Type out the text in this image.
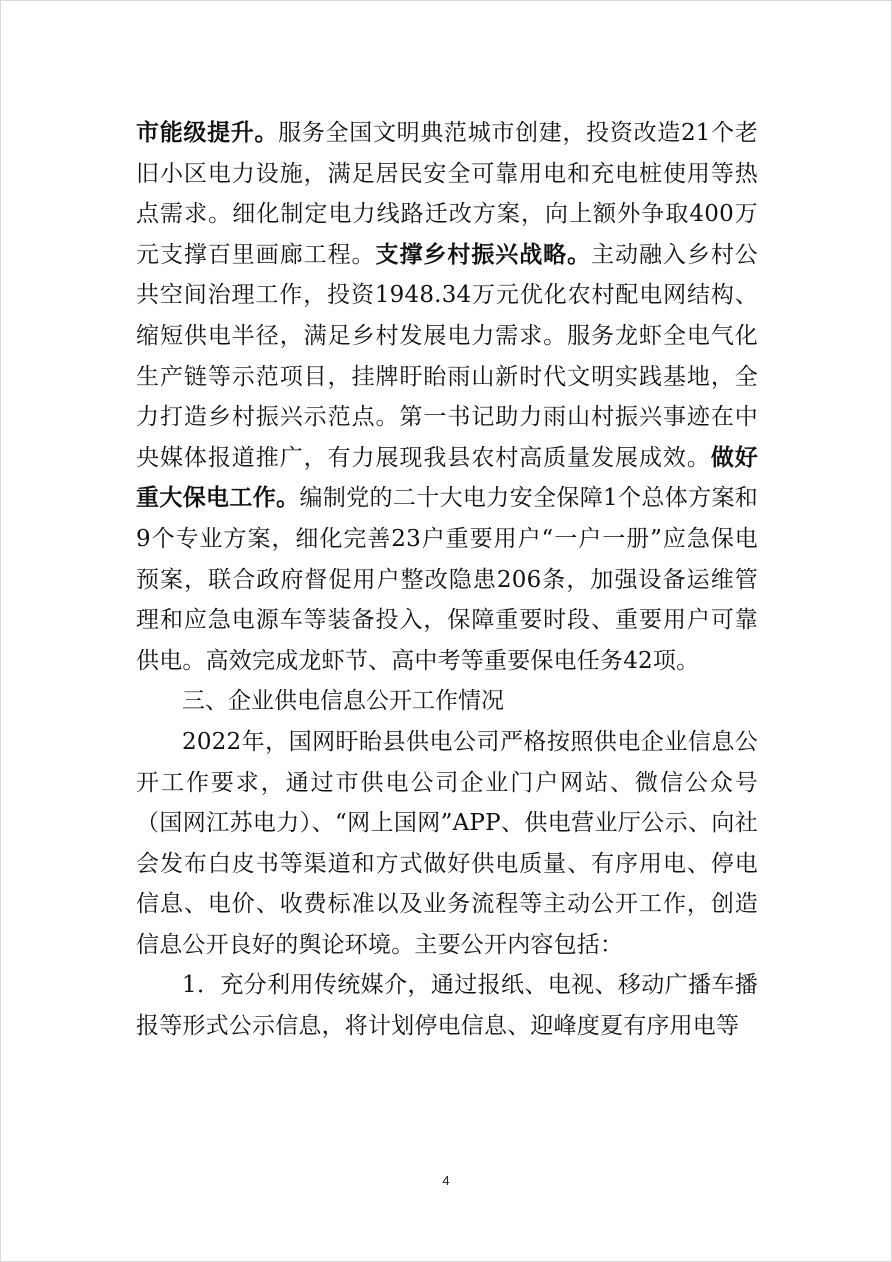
市能级提升。服务全国文明典范城市创建，投资改造21个老旧小区电力设施，满足居民安全可靠用电和充电桩使用等热点需求。细化制定电力线路迁改方案，向上额外争取400万元支撑百里画廊工程。支撑乡村振兴战略。主动融入乡村公共空间治理工作，投资1948.34万元优化农村配电网结构、缩短供电半径，满足乡村发展电力需求。服务龙虾全电气化生产链等示范项目，挂牌盱眙雨山新时代文明实践基地，全力打造乡村振兴示范点。第一书记助力雨山村振兴事迹在中央媒体报道推广，有力展现我县农村高质量发展成效。做好重大保电工作。编制党的二十大电力安全保障1个总体方案和9个专业方案，细化完善23户重要用户“一户一册”应急保电预案，联合政府督促用户整改隐患206条，加强设备运维管理和应急电源车等装备投入，保障重要时段、重要用户可靠供电。高效完成龙虾节、高中考等重要保电任务42项。

三、企业供电信息公开工作情况

2022年，国网盱眙县供电公司严格按照供电企业信息公开工作要求，通过市供电公司企业门户网站、微信公众号（国网江苏电力）、“网上国网”APP、供电营业厅公示、向社会发布白皮书等渠道和方式做好供电质量、有序用电、停电信息、电价、收费标准以及业务流程等主动公开工作，创造信息公开良好的舆论环境。主要公开内容包括：

1．充分利用传统媒介，通过报纸、电视、移动广播车播报等形式公示信息，将计划停电信息、迎峰度夏有序用电等

4
